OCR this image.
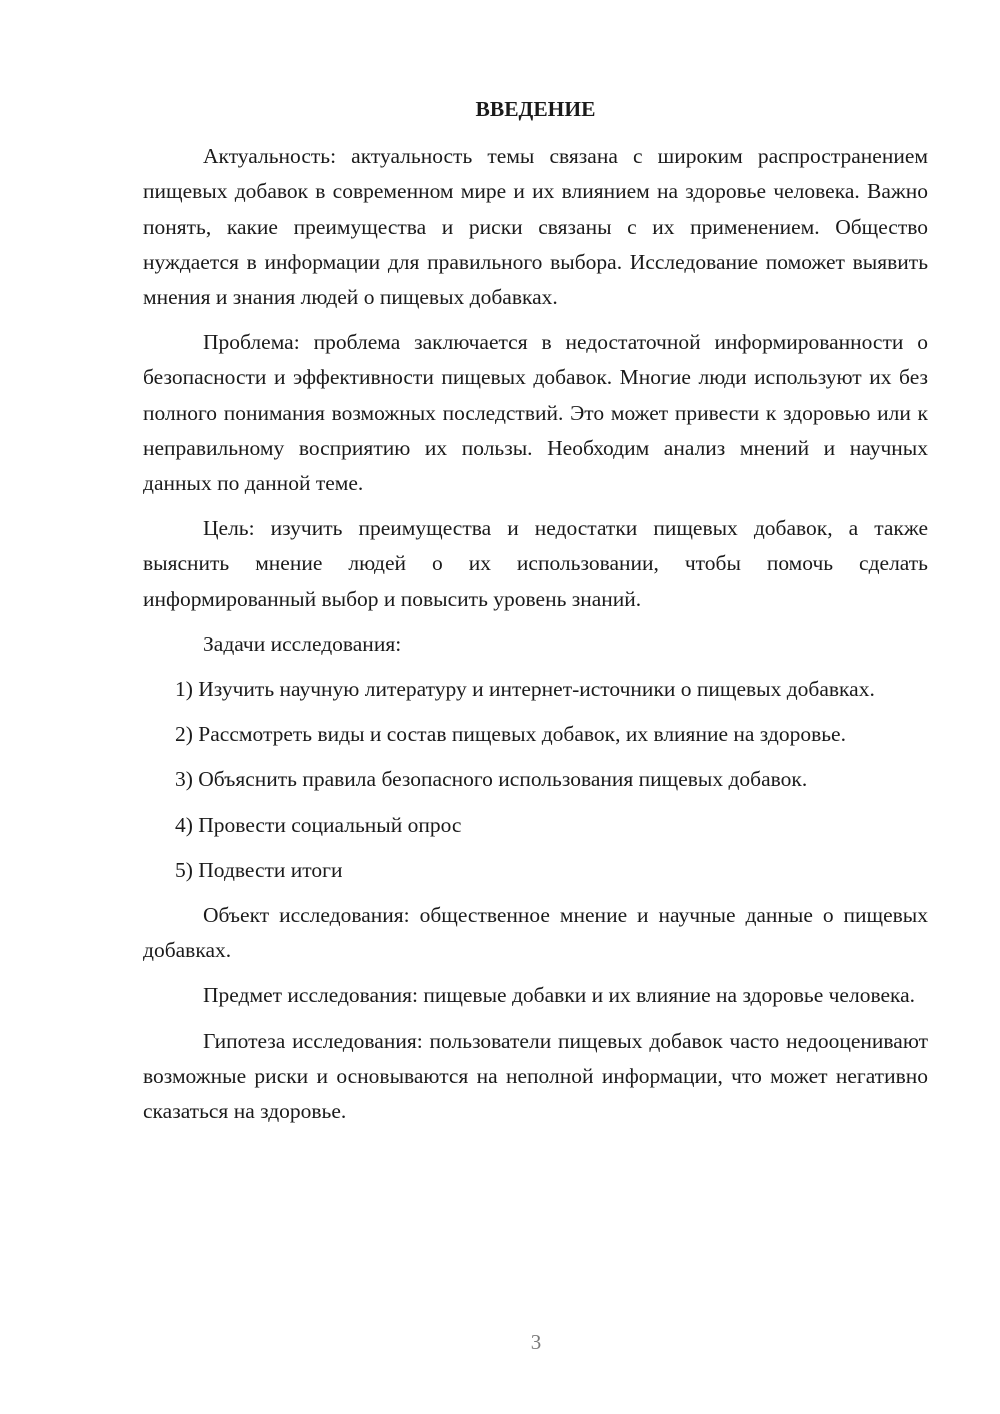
ВВЕДЕНИЕ

Актуальность: актуальность темы связана с широким распространением пищевых добавок в современном мире и их влиянием на здоровье человека. Важно понять, какие преимущества и риски связаны с их применением. Общество нуждается в информации для правильного выбора. Исследование поможет выявить мнения и знания людей о пищевых добавках.

Проблема: проблема заключается в недостаточной информированности о безопасности и эффективности пищевых добавок. Многие люди используют их без полного понимания возможных последствий. Это может привести к здоровью или к неправильному восприятию их пользы. Необходим анализ мнений и научных данных по данной теме.

Цель: изучить преимущества и недостатки пищевых добавок, а также выяснить мнение людей о их использовании, чтобы помочь сделать информированный выбор и повысить уровень знаний.

Задачи исследования:

1) Изучить научную литературу и интернет-источники о пищевых добавках.

2) Рассмотреть виды и состав пищевых добавок, их влияние на здоровье.

3) Объяснить правила безопасного использования пищевых добавок.

4) Провести социальный опрос

5) Подвести итоги

Объект исследования: общественное мнение и научные данные о пищевых добавках.

Предмет исследования: пищевые добавки и их влияние на здоровье человека.

Гипотеза исследования: пользователи пищевых добавок часто недооценивают возможные риски и основываются на неполной информации, что может негативно сказаться на здоровье.

3
